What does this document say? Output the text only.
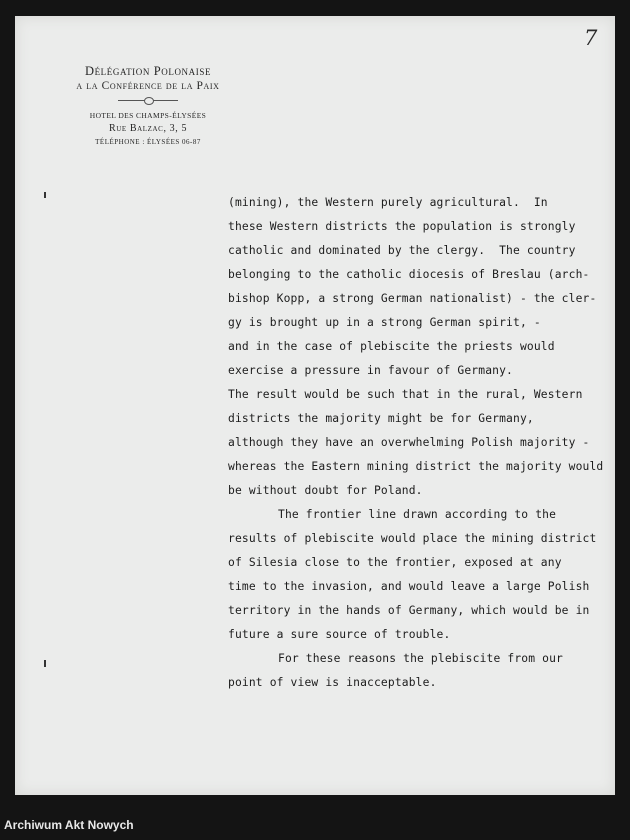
7

Délégation Polonaise

a la Conférence de la Paix

HOTEL DES CHAMPS-ÉLYSÉES

Rue Balzac, 3, 5

TÉLÉPHONE : ÉLYSÉES 06-87

(mining), the Western purely agricultural.  In

these Western districts the population is strongly

catholic and dominated by the clergy.  The country

belonging to the catholic diocesis of Breslau (arch-

bishop Kopp, a strong German nationalist) - the cler-

gy is brought up in a strong German spirit, -

and in the case of plebiscite the priests would

exercise a pressure in favour of Germany.

The result would be such that in the rural, Western

districts the majority might be for Germany,

although they have an overwhelming Polish majority -

whereas the Eastern mining district the majority would

be without doubt for Poland.

The frontier line drawn according to the

results of plebiscite would place the mining district

of Silesia close to the frontier, exposed at any

time to the invasion, and would leave a large Polish

territory in the hands of Germany, which would be in

future a sure source of trouble.

For these reasons the plebiscite from our

point of view is inacceptable.

Archiwum Akt Nowych
